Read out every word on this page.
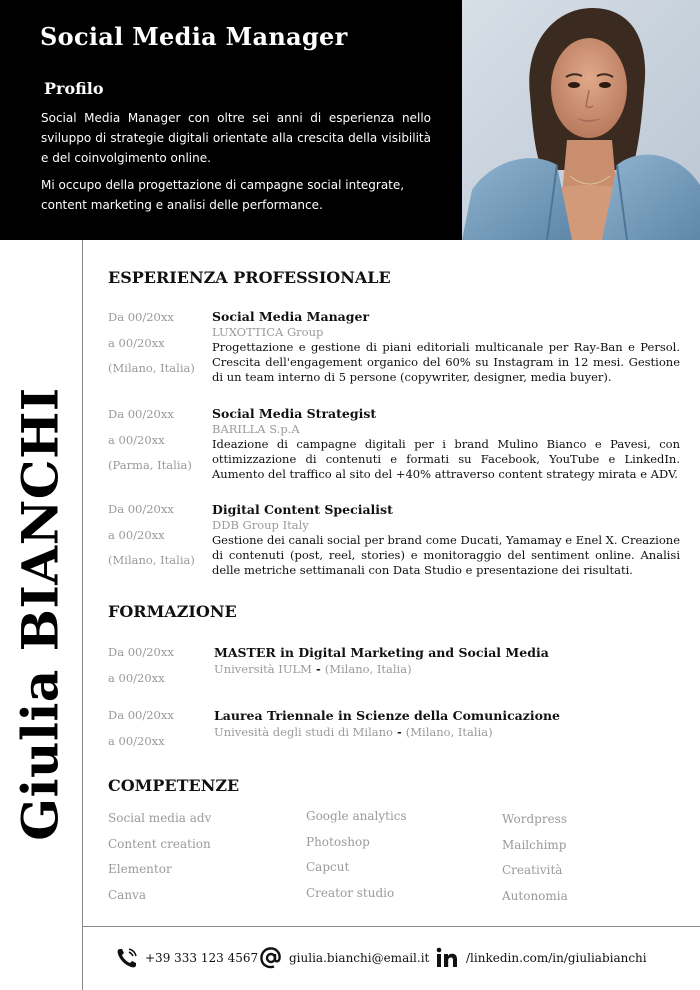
Social Media Manager
Profilo
Social Media Manager con oltre sei anni di esperienza nello sviluppo di strategie digitali orientate alla crescita della visibilità e del coinvolgimento online.
Mi occupo della progettazione di campagne social integrate, content marketing e analisi delle performance.
Giulia BIANCHI
ESPERIENZA PROFESSIONALE
Da 00/20xx
a 00/20xx
(Milano, Italia)
Social Media Manager
LUXOTTICA Group
Progettazione e gestione di piani editoriali multicanale per Ray-Ban e Persol. Crescita dell'engagement organico del 60% su Instagram in 12 mesi. Gestione di un team interno di 5 persone (copywriter, designer, media buyer).
Da 00/20xx
a 00/20xx
(Parma, Italia)
Social Media Strategist
BARILLA S.p.A
Ideazione di campagne digitali per i brand Mulino Bianco e Pavesi, con ottimizzazione di contenuti e formati su Facebook, YouTube e LinkedIn. Aumento del traffico al sito del +40% attraverso content strategy mirata e ADV.
Da 00/20xx
a 00/20xx
(Milano, Italia)
Digital Content Specialist
DDB Group Italy
Gestione dei canali social per brand come Ducati, Yamamay e Enel X. Creazione di contenuti (post, reel, stories) e monitoraggio del sentiment online. Analisi delle metriche settimanali con Data Studio e presentazione dei risultati.
FORMAZIONE
Da 00/20xx
a 00/20xx
MASTER in Digital Marketing and Social Media
Università IULM - (Milano, Italia)
Da 00/20xx
a 00/20xx
Laurea Triennale in Scienze della Comunicazione
Univesità degli studi di Milano - (Milano, Italia)
COMPETENZE
Social media adv
Content creation
Elementor
Canva
Google analytics
Photoshop
Capcut
Creator studio
Wordpress
Mailchimp
Creatività
Autonomia
+39 333 123 4567	giulia.bianchi@email.it	/linkedin.com/in/giuliabianchi
